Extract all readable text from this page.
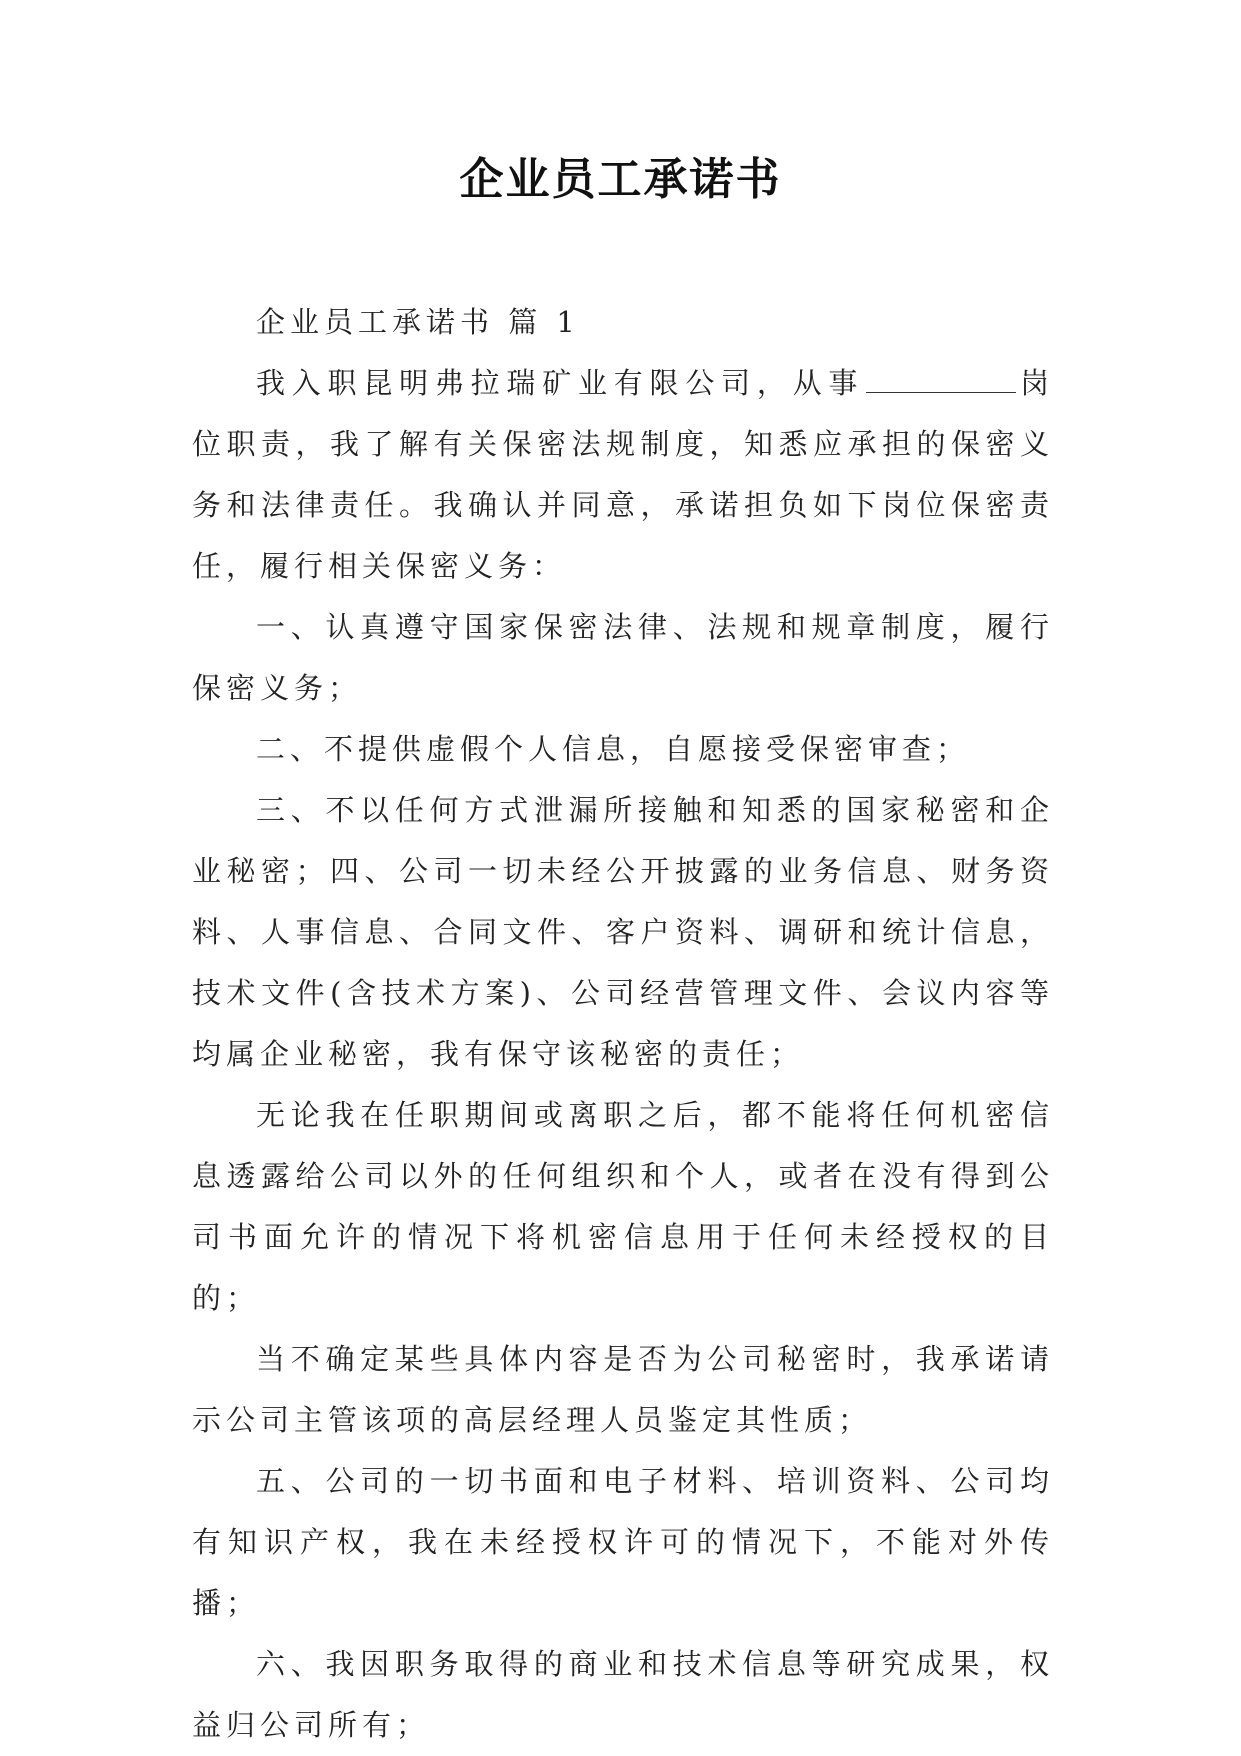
企业员工承诺书

企业员工承诺书 篇 1

我入职昆明弗拉瑞矿业有限公司，从事	岗位职责，我了解有关保密法规制度，知悉应承担的保密义务和法律责任。我确认并同意，承诺担负如下岗位保密责任，履行相关保密义务：

一、认真遵守国家保密法律、法规和规章制度，履行保密义务；

二、不提供虚假个人信息，自愿接受保密审查；

三、不以任何方式泄漏所接触和知悉的国家秘密和企业秘密；四、公司一切未经公开披露的业务信息、财务资料、人事信息、合同文件、客户资料、调研和统计信息，技术文件(含技术方案)、公司经营管理文件、会议内容等均属企业秘密，我有保守该秘密的责任；

无论我在任职期间或离职之后，都不能将任何机密信息透露给公司以外的任何组织和个人，或者在没有得到公司书面允许的情况下将机密信息用于任何未经授权的目的；

当不确定某些具体内容是否为公司秘密时，我承诺请示公司主管该项的高层经理人员鉴定其性质；

五、公司的一切书面和电子材料、培训资料、公司均有知识产权，我在未经授权许可的情况下，不能对外传播；

六、我因职务取得的商业和技术信息等研究成果，权益归公司所有；
